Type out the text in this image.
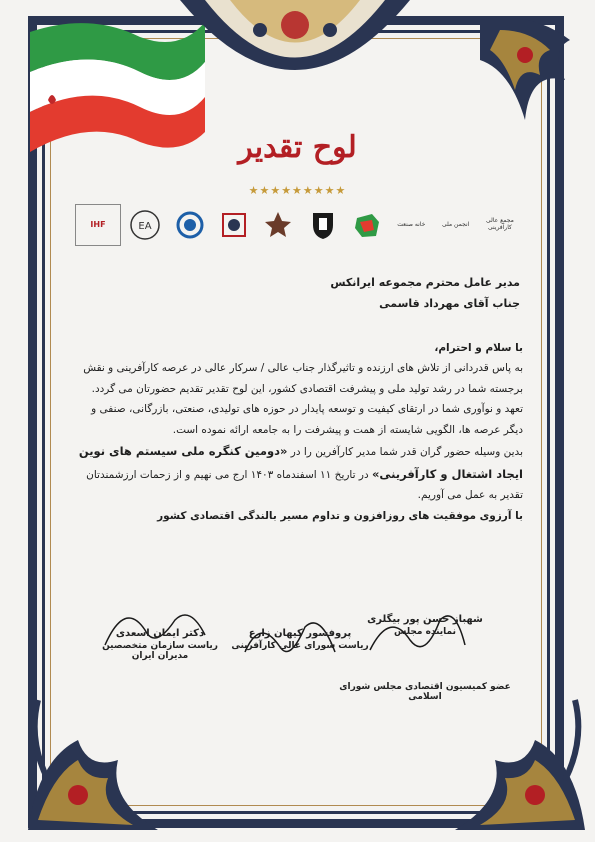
لوح تقدیر
★★★★★★★★★
مجمع عالی کارآفرینی
انجمن ملی
خانه صنعت
EA
IHF

مدیر عامل محترم مجموعه ایرانکس

جناب آقای مهرداد قاسمی

با سلام و احترام،

به پاس قدردانی از تلاش های ارزنده و تاثیرگذار جناب عالی / سرکار عالی در عرصه کارآفرینی و نقش برجسته شما در رشد تولید ملی و پیشرفت اقتصادی کشور، این لوح تقدیر تقدیم حضورتان می گردد.

تعهد و نوآوری شما در ارتقای کیفیت و توسعه پایدار در حوزه های تولیدی، صنعتی، بازرگانی، صنفی و دیگر عرصه ها، الگویی شایسته از همت و پیشرفت را به جامعه ارائه نموده است.

بدین وسیله حضور گران قدر شما مدیر کارآفرین را در «دومین کنگره ملی سیستم های نوین ایجاد اشتغال و کارآفرینی» در تاریخ ۱۱ اسفندماه ۱۴۰۳ ارج می نهیم و از زحمات ارزشمندتان تقدیر به عمل می آوریم.

با آرزوی موفقیت های روزافزون و تداوم مسیر بالندگی اقتصادی کشور

دکتر ایمان اسعدی
ریاست سازمان متخصصین مدیران ایران
پروفسور کیهان زارع
ریاست شورای عالی کارآفرینی
شهباز حسن پور بیگلری
نماینده مجلس
عضو کمیسیون اقتصادی مجلس شورای اسلامی
